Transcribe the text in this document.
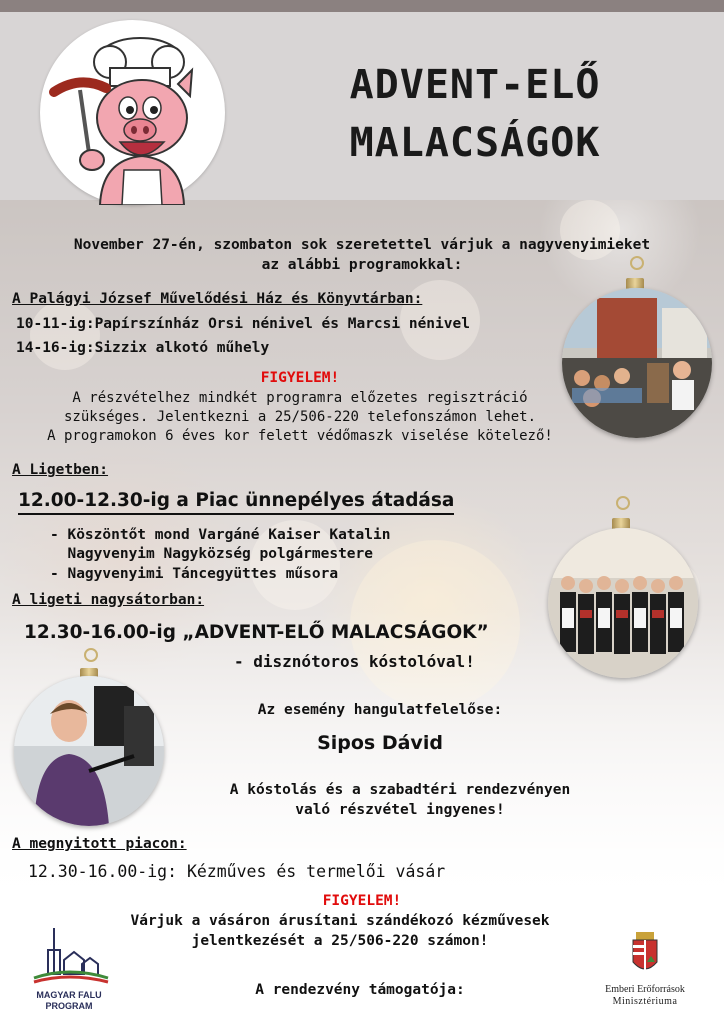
ADVENT-ELŐ
MALACSÁGOK
November 27-én, szombaton sok szeretettel várjuk a nagyvenyimieket
az alábbi programokkal:
A Palágyi József Művelődési Ház és Könyvtárban:
10-11-ig:Papírszínház Orsi nénivel és Marcsi nénivel
14-16-ig:Sizzix alkotó műhely
FIGYELEM!
A részvételhez mindkét programra előzetes regisztráció
szükséges. Jelentkezni a 25/506-220 telefonszámon lehet.
A programokon 6 éves kor felett védőmaszk viselése kötelező!
A Ligetben:
12.00-12.30-ig a Piac ünnepélyes átadása
- Köszöntőt mond Vargáné Kaiser Katalin
Nagyvenyim Nagyközség polgármestere
- Nagyvenyimi Táncegyüttes műsora
A ligeti nagysátorban:
12.30-16.00-ig „ADVENT-ELŐ MALACSÁGOK”
- disznótoros kóstolóval!
Az esemény hangulatfelelőse:
Sipos Dávid
A kóstolás és a szabadtéri rendezvényen
való részvétel ingyenes!
A megnyitott piacon:
12.30-16.00-ig: Kézműves és termelői vásár
FIGYELEM!
Várjuk a vásáron árusítani szándékozó kézművesek
jelentkezését a 25/506-220 számon!
A rendezvény támogatója:
MAGYAR FALU
PROGRAM
Emberi Erőforrások
Minisztériuma
